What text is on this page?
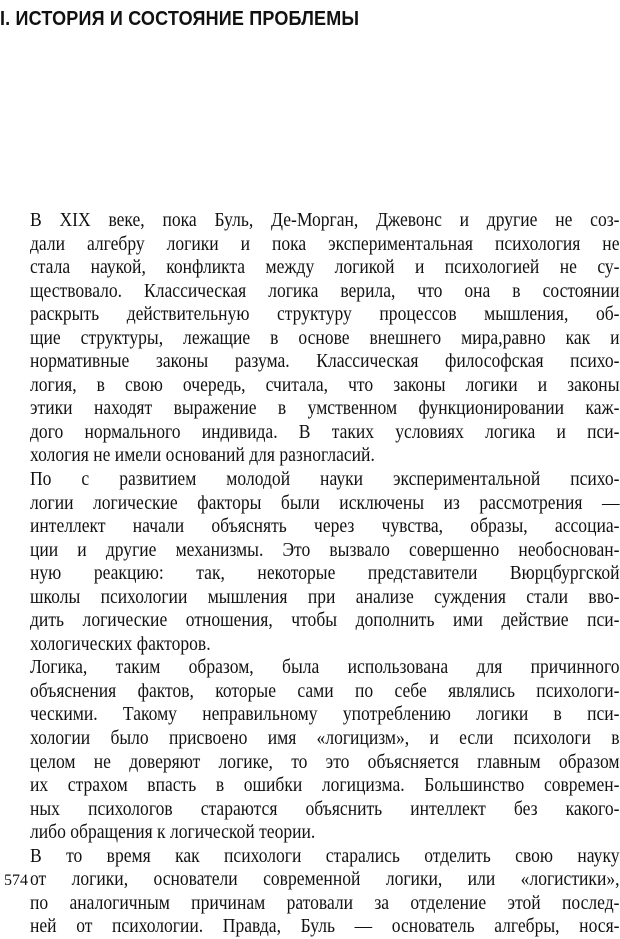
I. ИСТОРИЯ И СОСТОЯНИЕ ПРОБЛЕМЫ
В XIX веке, пока Буль, Де-Морган, Джевонс и другие не соз-
дали алгебру логики и пока экспериментальная психология не
стала наукой, конфликта между логикой и психологией не су-
ществовало. Классическая логика верила, что она в состоянии
раскрыть действительную структуру процессов мышления, об-
щие структуры, лежащие в основе внешнего мира,равно как и
нормативные законы разума. Классическая философская психо-
логия, в свою очередь, считала, что законы логики и законы
этики находят выражение в умственном функционировании каж-
дого нормального индивида. В таких условиях логика и пси-
хология не имели оснований для разногласий.
По с развитием молодой науки экспериментальной психо-
логии логические факторы были исключены из рассмотрения —
интеллект начали объяснять через чувства, образы, ассоциа-
ции и другие механизмы. Это вызвало совершенно необоснован-
ную реакцию: так, некоторые представители Вюрцбургской
школы психологии мышления при анализе суждения стали вво-
дить логические отношения, чтобы дополнить ими действие пси-
хологических факторов.
Логика, таким образом, была использована для причинного
объяснения фактов, которые сами по себе являлись психологи-
ческими. Такому неправильному употреблению логики в пси-
хологии было присвоено имя «логицизм», и если психологи в
целом не доверяют логике, то это объясняется главным образом
их страхом впасть в ошибки логицизма. Большинство современ-
ных психологов стараются объяснить интеллект без какого-
либо обращения к логической теории.
В то время как психологи старались отделить свою науку
от логики, основатели современной логики, или «логистики»,
по аналогичным причинам ратовали за отделение этой послед-
ней от психологии. Правда, Буль — основатель алгебры, нося-
574
